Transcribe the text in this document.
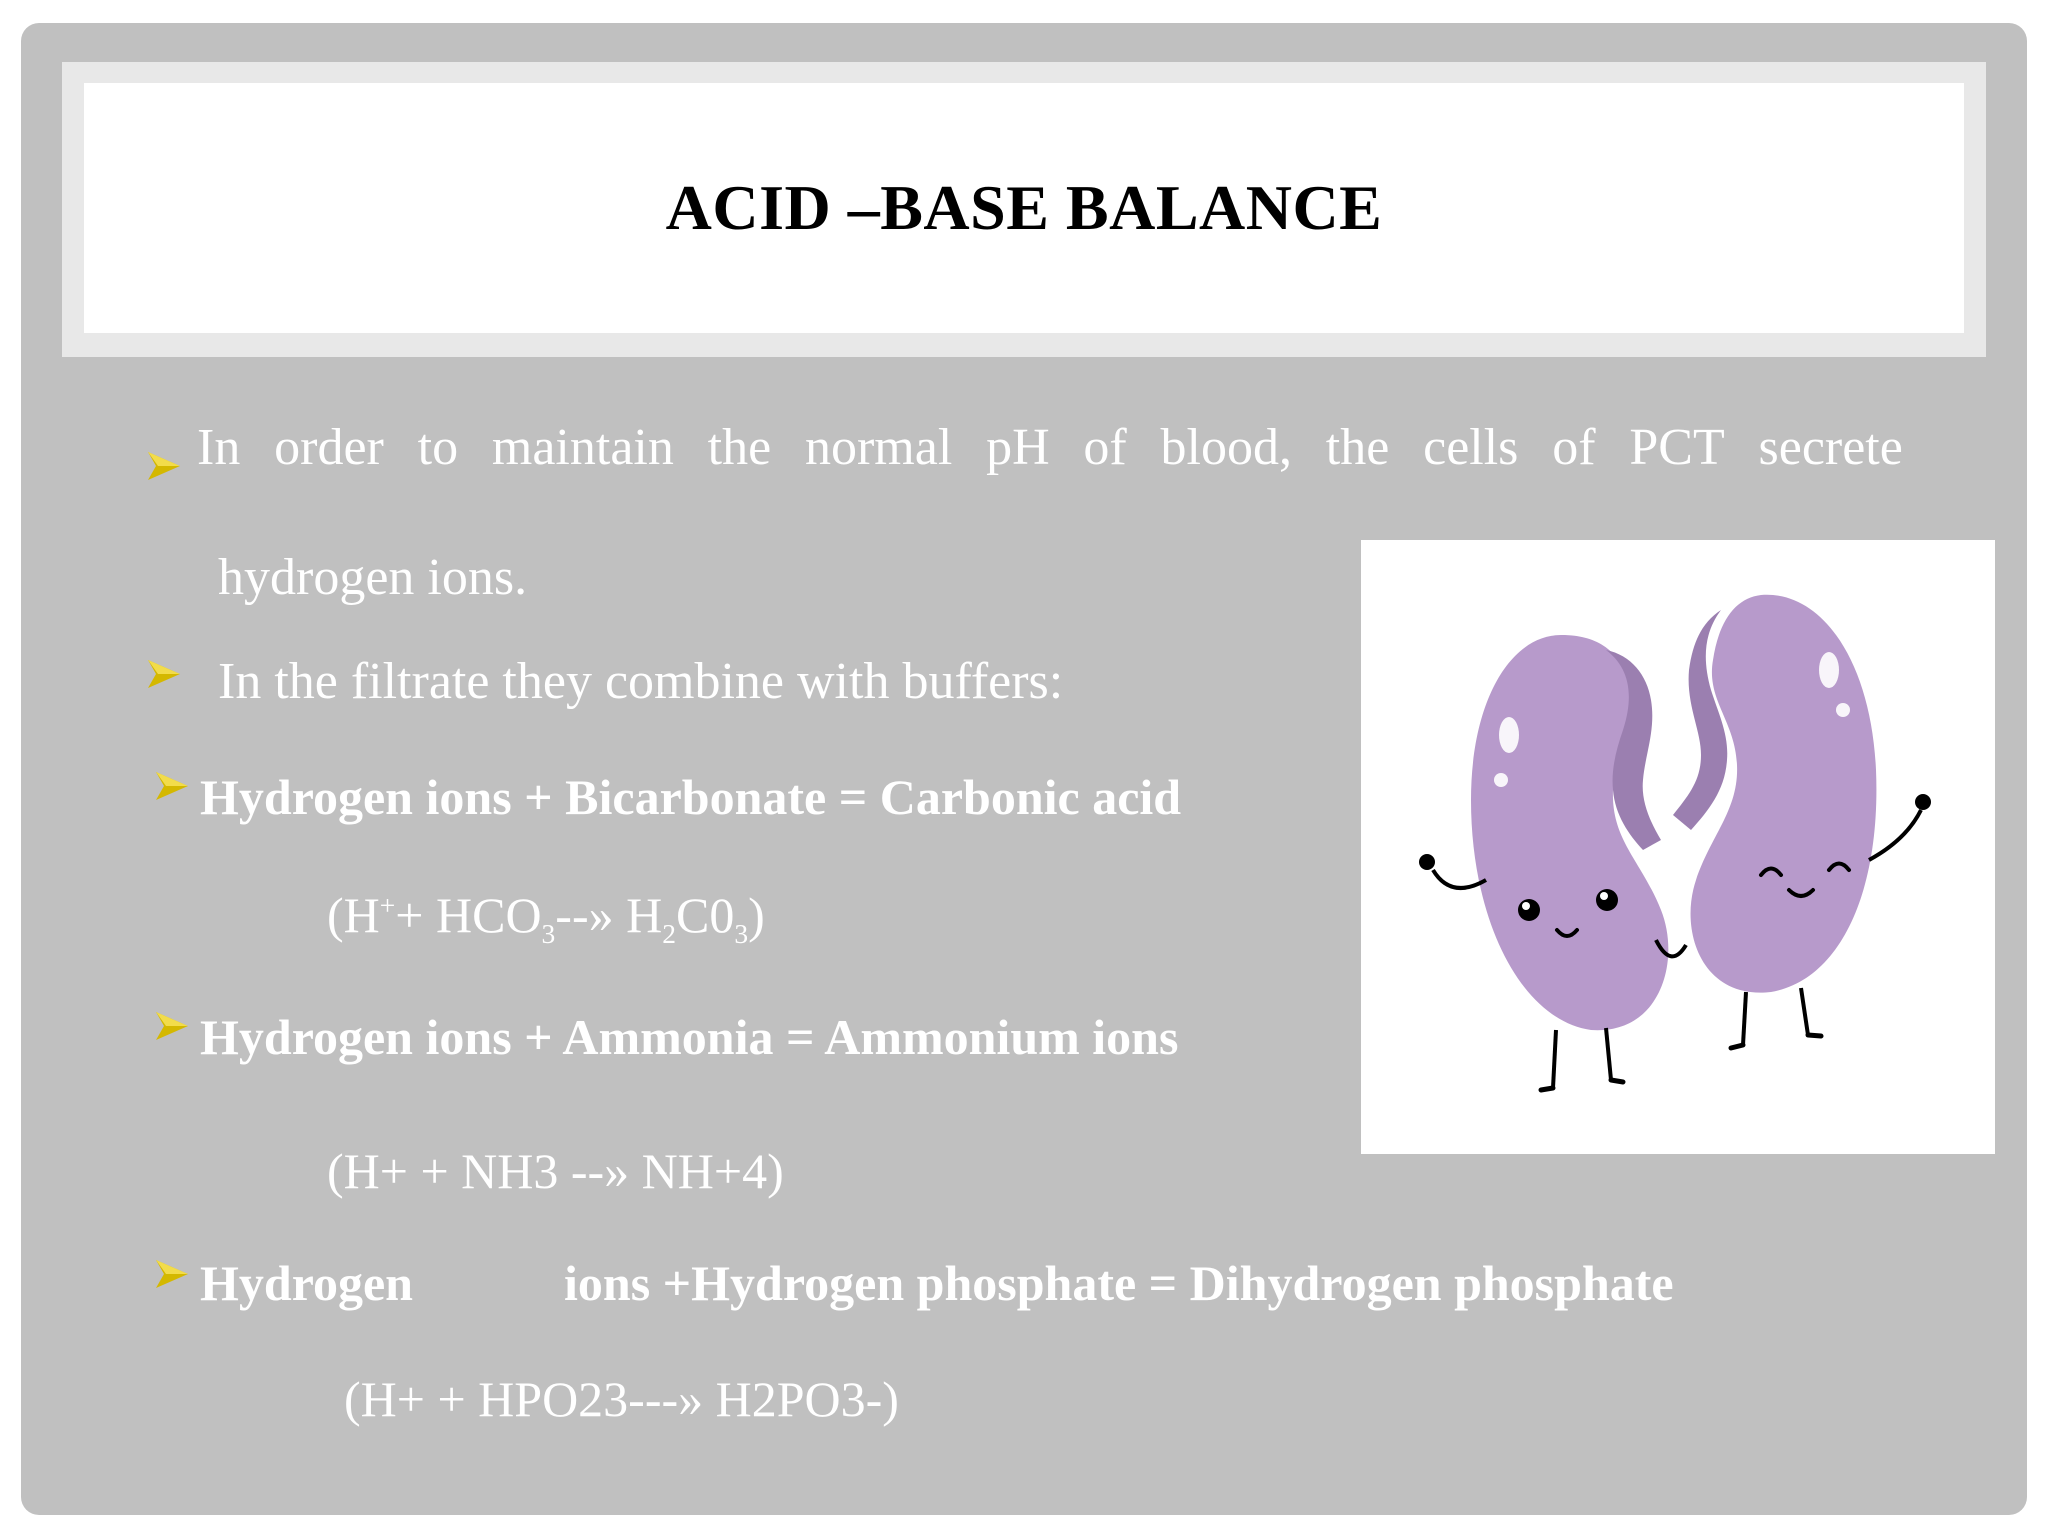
ACID –BASE BALANCE
In order to maintain the normal pH of blood, the cells of PCT secrete
hydrogen ions.
In the filtrate they combine with buffers:
Hydrogen ions + Bicarbonate = Carbonic acid
($H^++ HCO_3--$» $H_2C0_3$)
Hydrogen ions + Ammonia = Ammonium ions
(H+ + NH3 --» NH+4)
Hydrogen	ions +Hydrogen phosphate = Dihydrogen phosphate
(H+ + HPO23---» H2PO3-)
